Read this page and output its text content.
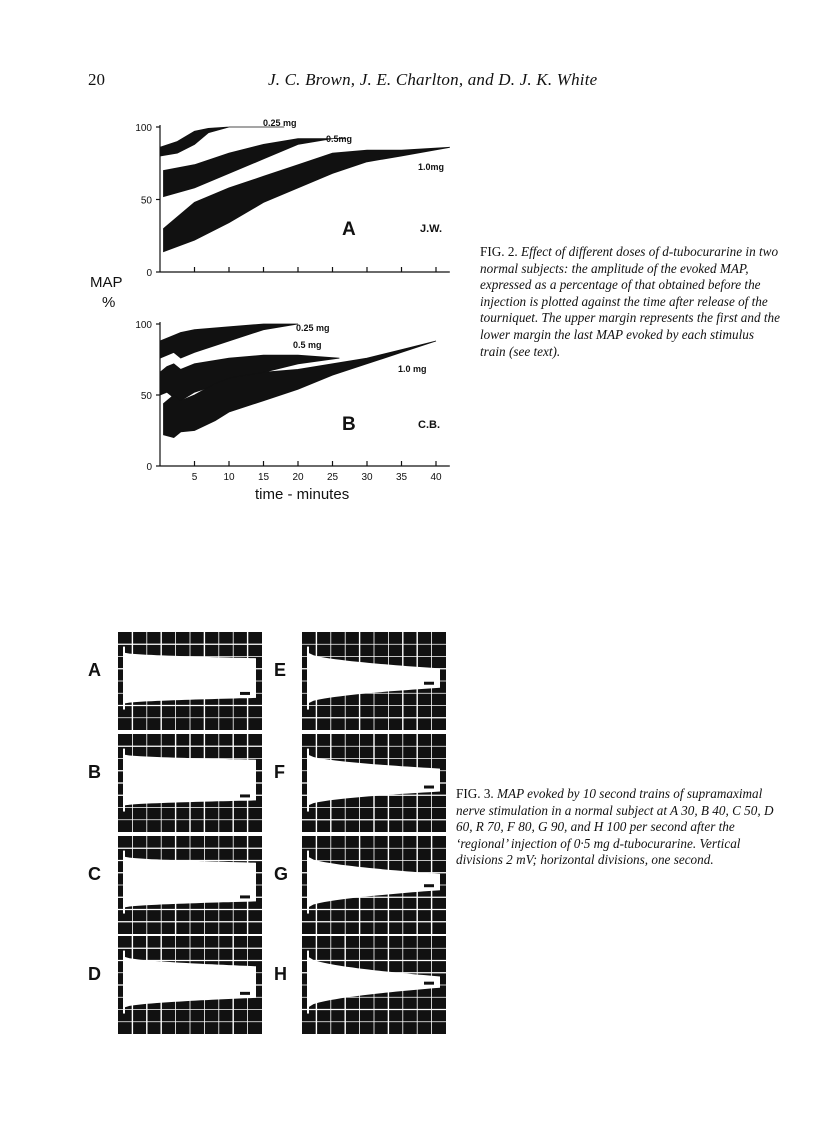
20	J. C. Brown, J. E. Charlton, and D. J. K. White
0
50
100	0.25 mg
0.5mg
1.0mg
A	J.W.
0
50
100
5	10 15 20 25 30 35 40
0.25 mg
0.5 mg
1.0 mg
B	C.B.
MAP
%
time - minutes
FIG. 2. Effect of different doses of d-tubocurarine in two normal subjects: the amplitude of the evoked MAP, expressed as a percentage of that obtained before the injection is plotted against the time after release of the tourniquet. The upper margin represents the first and the lower margin the last MAP evoked by each stimulus train (see text).
A
B
C
D
E
F
G
H
FIG. 3. MAP evoked by 10 second trains of supramaximal nerve stimulation in a normal subject at A 30, B 40, C 50, D 60, R 70, F 80, G 90, and H 100 per second after the ‘regional’ injection of 0·5 mg d-tubocurarine. Vertical divisions 2 mV; horizontal divisions, one second.
